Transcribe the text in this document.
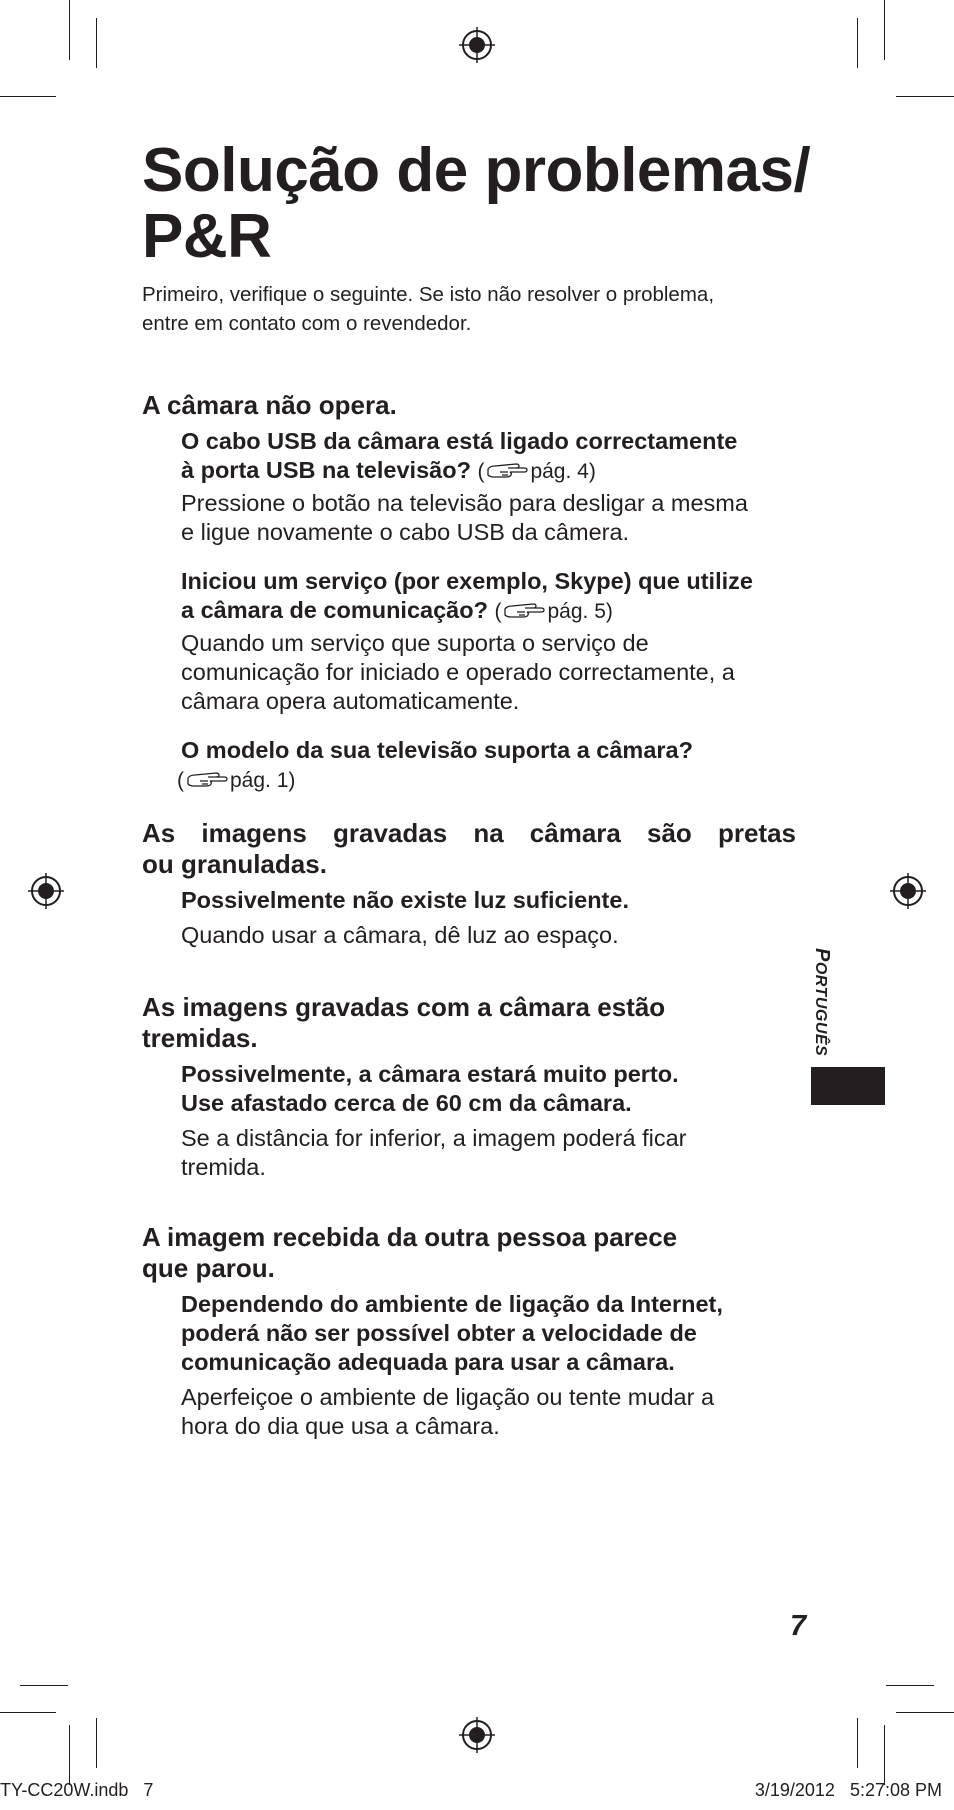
Solução de problemas/
P&R

Primeiro, verifique o seguinte. Se isto não resolver o problema,
entre em contato com o revendedor.

A câmara não opera.

O cabo USB da câmara está ligado correctamente
à porta USB na televisão? ( pág. 4)

Pressione o botão na televisão para desligar a mesma
e ligue novamente o cabo USB da câmera.

Iniciou um serviço (por exemplo, Skype) que utilize
a câmara de comunicação? ( pág. 5)

Quando um serviço que suporta o serviço de
comunicação for iniciado e operado correctamente, a
câmara opera automaticamente.

O modelo da sua televisão suporta a câmara?
( pág. 1)

As imagens gravadas na câmara são pretas
ou granuladas.

Possivelmente não existe luz suficiente.

Quando usar a câmara, dê luz ao espaço.

As imagens gravadas com a câmara estão
tremidas.

Possivelmente, a câmara estará muito perto.
Use afastado cerca de 60 cm da câmara.

Se a distância for inferior, a imagem poderá ficar
tremida.

A imagem recebida da outra pessoa parece
que parou.

Dependendo do ambiente de ligação da Internet,
poderá não ser possível obter a velocidade de
comunicação adequada para usar a câmara.

Aperfeiçoe o ambiente de ligação ou tente mudar a
hora do dia que usa a câmara.

PORTUGUÊS
7
TY-CC20W.indb   7	3/19/2012   5:27:08 PM
